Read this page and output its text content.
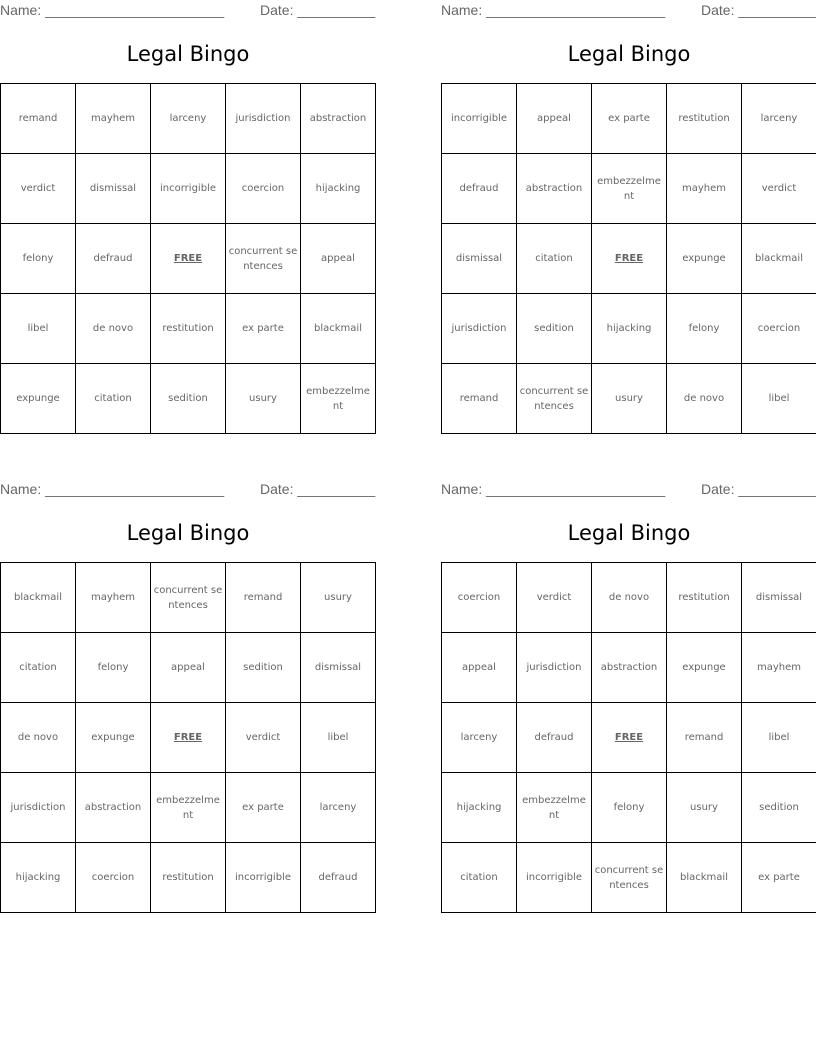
Name: _______________________	Date: __________
Legal Bingo
remand	mayhem	larceny	jurisdiction	abstraction
verdict	dismissal	incorrigible	coercion	hijacking
felony	defraud	FREE	concurrent sentences	appeal
libel	de novo	restitution	ex parte	blackmail
expunge	citation	sedition	usury	embezzelment
Name: _______________________	Date: __________
Legal Bingo
incorrigible	appeal	ex parte	restitution	larceny
defraud	abstraction	embezzelment	mayhem	verdict
dismissal	citation	FREE	expunge	blackmail
jurisdiction	sedition	hijacking	felony	coercion
remand	concurrent sentences	usury	de novo	libel
Name: _______________________	Date: __________
Legal Bingo
blackmail	mayhem	concurrent sentences	remand	usury
citation	felony	appeal	sedition	dismissal
de novo	expunge	FREE	verdict	libel
jurisdiction	abstraction	embezzelment	ex parte	larceny
hijacking	coercion	restitution	incorrigible	defraud
Name: _______________________	Date: __________
Legal Bingo
coercion	verdict	de novo	restitution	dismissal
appeal	jurisdiction	abstraction	expunge	mayhem
larceny	defraud	FREE	remand	libel
hijacking	embezzelment	felony	usury	sedition
citation	incorrigible	concurrent sentences	blackmail	ex parte
